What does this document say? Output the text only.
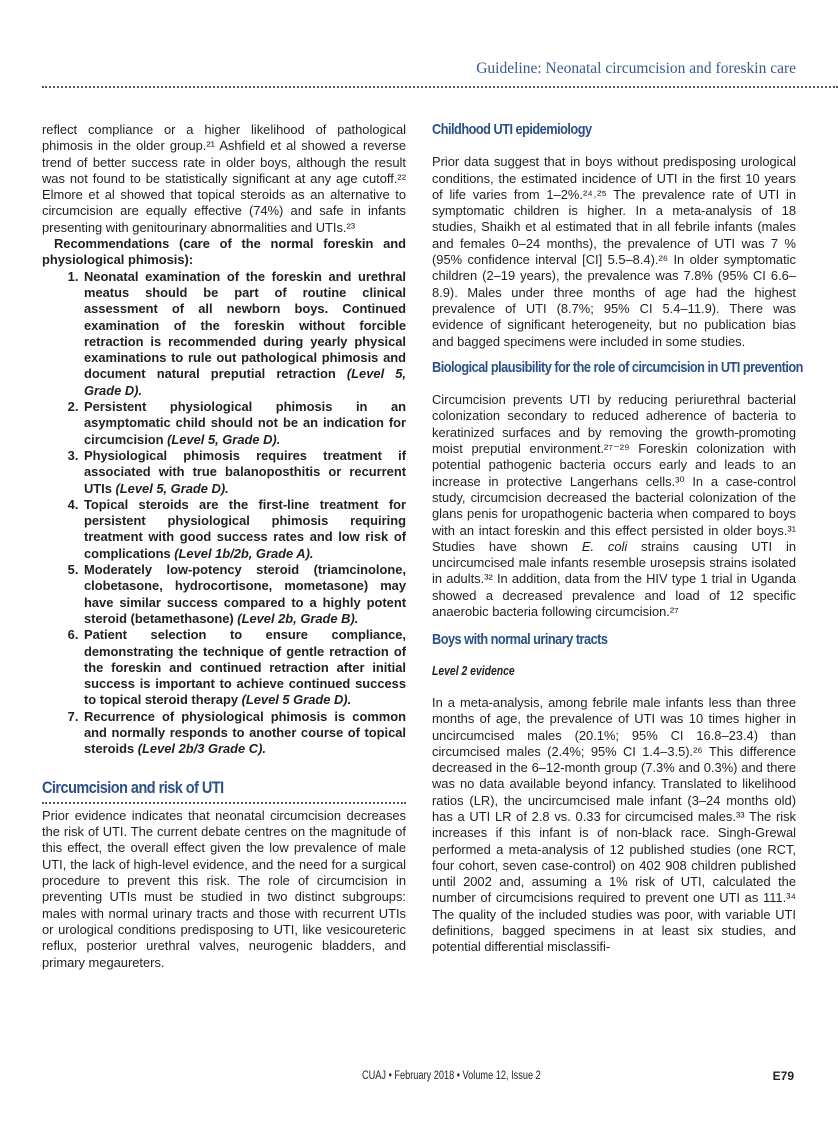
Guideline: Neonatal circumcision and foreskin care

reflect compliance or a higher likelihood of pathological phimosis in the older group.²¹ Ashfield et al showed a reverse trend of better success rate in older boys, although the result was not found to be statistically significant at any age cutoff.²² Elmore et al showed that topical steroids as an alternative to circumcision are equally effective (74%) and safe in infants presenting with genitourinary abnormalities and UTIs.²³

Recommendations (care of the normal foreskin and physiological phimosis):

1. Neonatal examination of the foreskin and urethral meatus should be part of routine clinical assessment of all newborn boys. Continued examination of the foreskin without forcible retraction is recommended during yearly physical examinations to rule out pathological phimosis and document natural preputial retraction (Level 5, Grade D).
2. Persistent physiological phimosis in an asymptomatic child should not be an indication for circumcision (Level 5, Grade D).
3. Physiological phimosis requires treatment if associated with true balanoposthitis or recurrent UTIs (Level 5, Grade D).
4. Topical steroids are the first-line treatment for persistent physiological phimosis requiring treatment with good success rates and low risk of complications (Level 1b/2b, Grade A).
5. Moderately low-potency steroid (triamcinolone, clobetasone, hydrocortisone, mometasone) may have similar success compared to a highly potent steroid (betamethasone) (Level 2b, Grade B).
6. Patient selection to ensure compliance, demonstrating the technique of gentle retraction of the foreskin and continued retraction after initial success is important to achieve continued success to topical steroid therapy (Level 5 Grade D).
7. Recurrence of physiological phimosis is common and normally responds to another course of topical steroids (Level 2b/3 Grade C).
Circumcision and risk of UTI

Prior evidence indicates that neonatal circumcision decreases the risk of UTI. The current debate centres on the magnitude of this effect, the overall effect given the low prevalence of male UTI, the lack of high-level evidence, and the need for a surgical procedure to prevent this risk. The role of circumcision in preventing UTIs must be studied in two distinct subgroups: males with normal urinary tracts and those with recurrent UTIs or urological conditions predisposing to UTI, like vesicoureteric reflux, posterior urethral valves, neurogenic bladders, and primary megaureters.

Childhood UTI epidemiology

Prior data suggest that in boys without predisposing urological conditions, the estimated incidence of UTI in the first 10 years of life varies from 1–2%.²⁴˒²⁵ The prevalence rate of UTI in symptomatic children is higher. In a meta-analysis of 18 studies, Shaikh et al estimated that in all febrile infants (males and females 0–24 months), the prevalence of UTI was 7 % (95% confidence interval [CI] 5.5–8.4).²⁶ In older symptomatic children (2–19 years), the prevalence was 7.8% (95% CI 6.6–8.9). Males under three months of age had the highest prevalence of UTI (8.7%; 95% CI 5.4–11.9). There was evidence of significant heterogeneity, but no publication bias and bagged specimens were included in some studies.

Biological plausibility for the role of circumcision in UTI prevention

Circumcision prevents UTI by reducing periurethral bacterial colonization secondary to reduced adherence of bacteria to keratinized surfaces and by removing the growth-promoting moist preputial environment.²⁷⁻²⁹ Foreskin colonization with potential pathogenic bacteria occurs early and leads to an increase in protective Langerhans cells.³⁰ In a case-control study, circumcision decreased the bacterial colonization of the glans penis for uropathogenic bacteria when compared to boys with an intact foreskin and this effect persisted in older boys.³¹ Studies have shown E. coli strains causing UTI in uncircumcised male infants resemble urosepsis strains isolated in adults.³² In addition, data from the HIV type 1 trial in Uganda showed a decreased prevalence and load of 12 specific anaerobic bacteria following circumcision.²⁷

Boys with normal urinary tracts
Level 2 evidence

In a meta-analysis, among febrile male infants less than three months of age, the prevalence of UTI was 10 times higher in uncircumcised males (20.1%; 95% CI 16.8–23.4) than circumcised males (2.4%; 95% CI 1.4–3.5).²⁶ This difference decreased in the 6–12-month group (7.3% and 0.3%) and there was no data available beyond infancy. Translated to likelihood ratios (LR), the uncircumcised male infant (3–24 months old) has a UTI LR of 2.8 vs. 0.33 for circumcised males.³³ The risk increases if this infant is of non-black race. Singh-Grewal performed a meta-analysis of 12 published studies (one RCT, four cohort, seven case-control) on 402 908 children published until 2002 and, assuming a 1% risk of UTI, calculated the number of circumcisions required to prevent one UTI as 111.³⁴ The quality of the included studies was poor, with variable UTI definitions, bagged specimens in at least six studies, and potential differential misclassifi-

CUAJ • February 2018 • Volume 12, Issue 2	E79
